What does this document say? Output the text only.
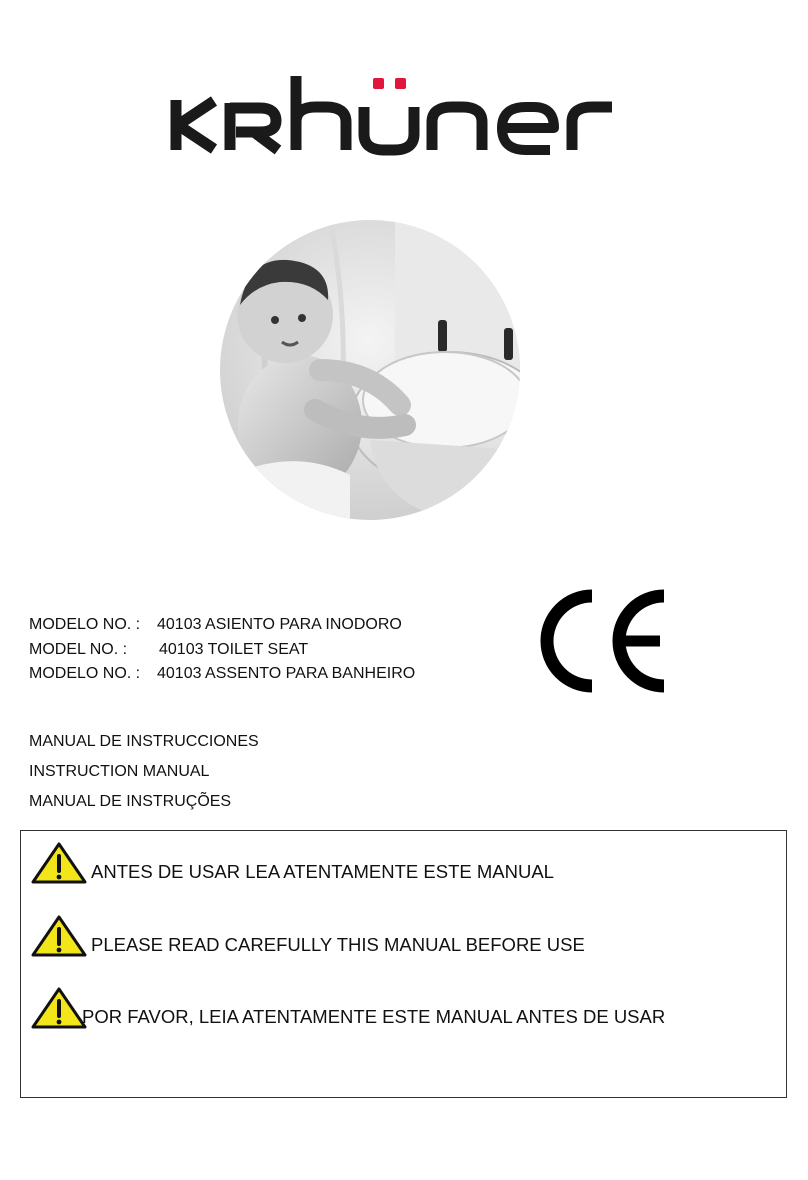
MODELO NO. :	40103 ASIENTO PARA INODORO
MODEL NO. :	40103 TOILET SEAT
MODELO NO. :	40103 ASSENTO PARA BANHEIRO
MANUAL DE INSTRUCCIONES
INSTRUCTION MANUAL
MANUAL DE INSTRUÇÕES
ANTES DE USAR LEA ATENTAMENTE ESTE MANUAL
PLEASE READ CAREFULLY THIS MANUAL BEFORE USE
POR FAVOR, LEIA ATENTAMENTE ESTE MANUAL ANTES DE USAR
